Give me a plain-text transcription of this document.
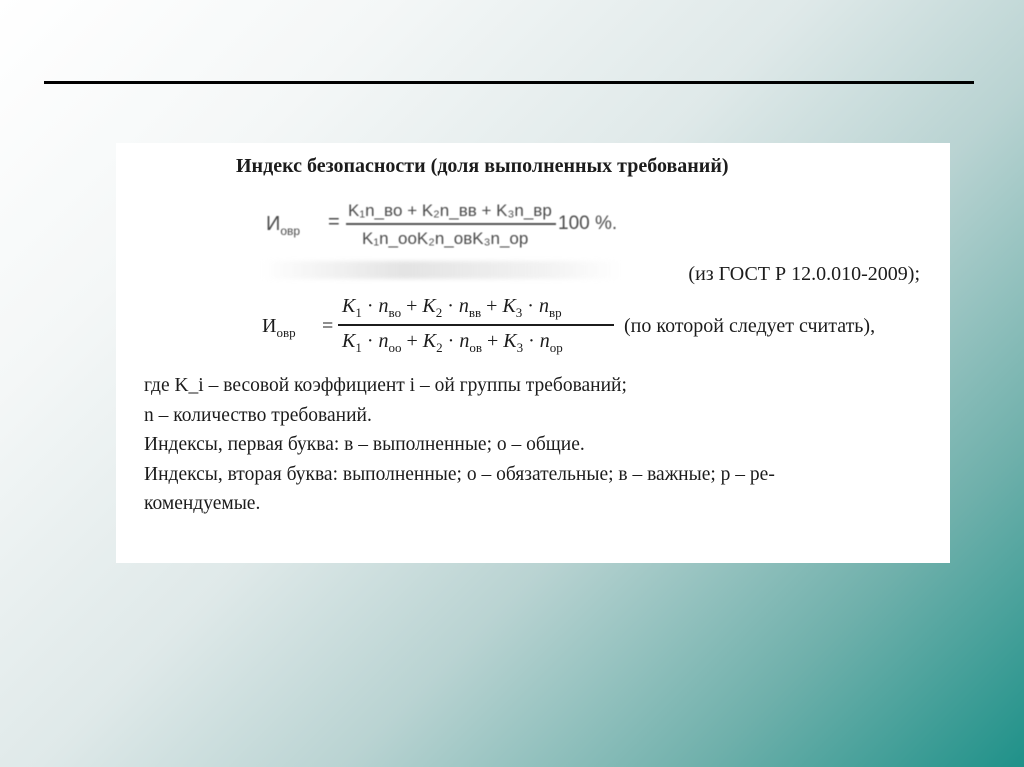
Индекс безопасности (доля выполненных требований)
$И_{овр}$ =
K₁n_вo + K₂n_вв + K₃n_вр
K₁n_ooK₂n_oвK₃n_op
100 %.
(из ГОСТ Р 12.0.010-2009);
$И_{овр}$ =
$K_1 \cdot n_{во} + K_2 \cdot n_{вв} + K_3 \cdot n_{вр}$
$K_1 \cdot n_{оо} + K_2 \cdot n_{ов} + K_3 \cdot n_{ор}$
(по которой следует считать),
где K_i – весовой коэффициент i – ой группы требований;
n – количество требований.
Индексы, первая буква: в – выполненные; о – общие.
Индексы, вторая буква: выполненные; о – обязательные; в – важные; р – ре-
комендуемые.
